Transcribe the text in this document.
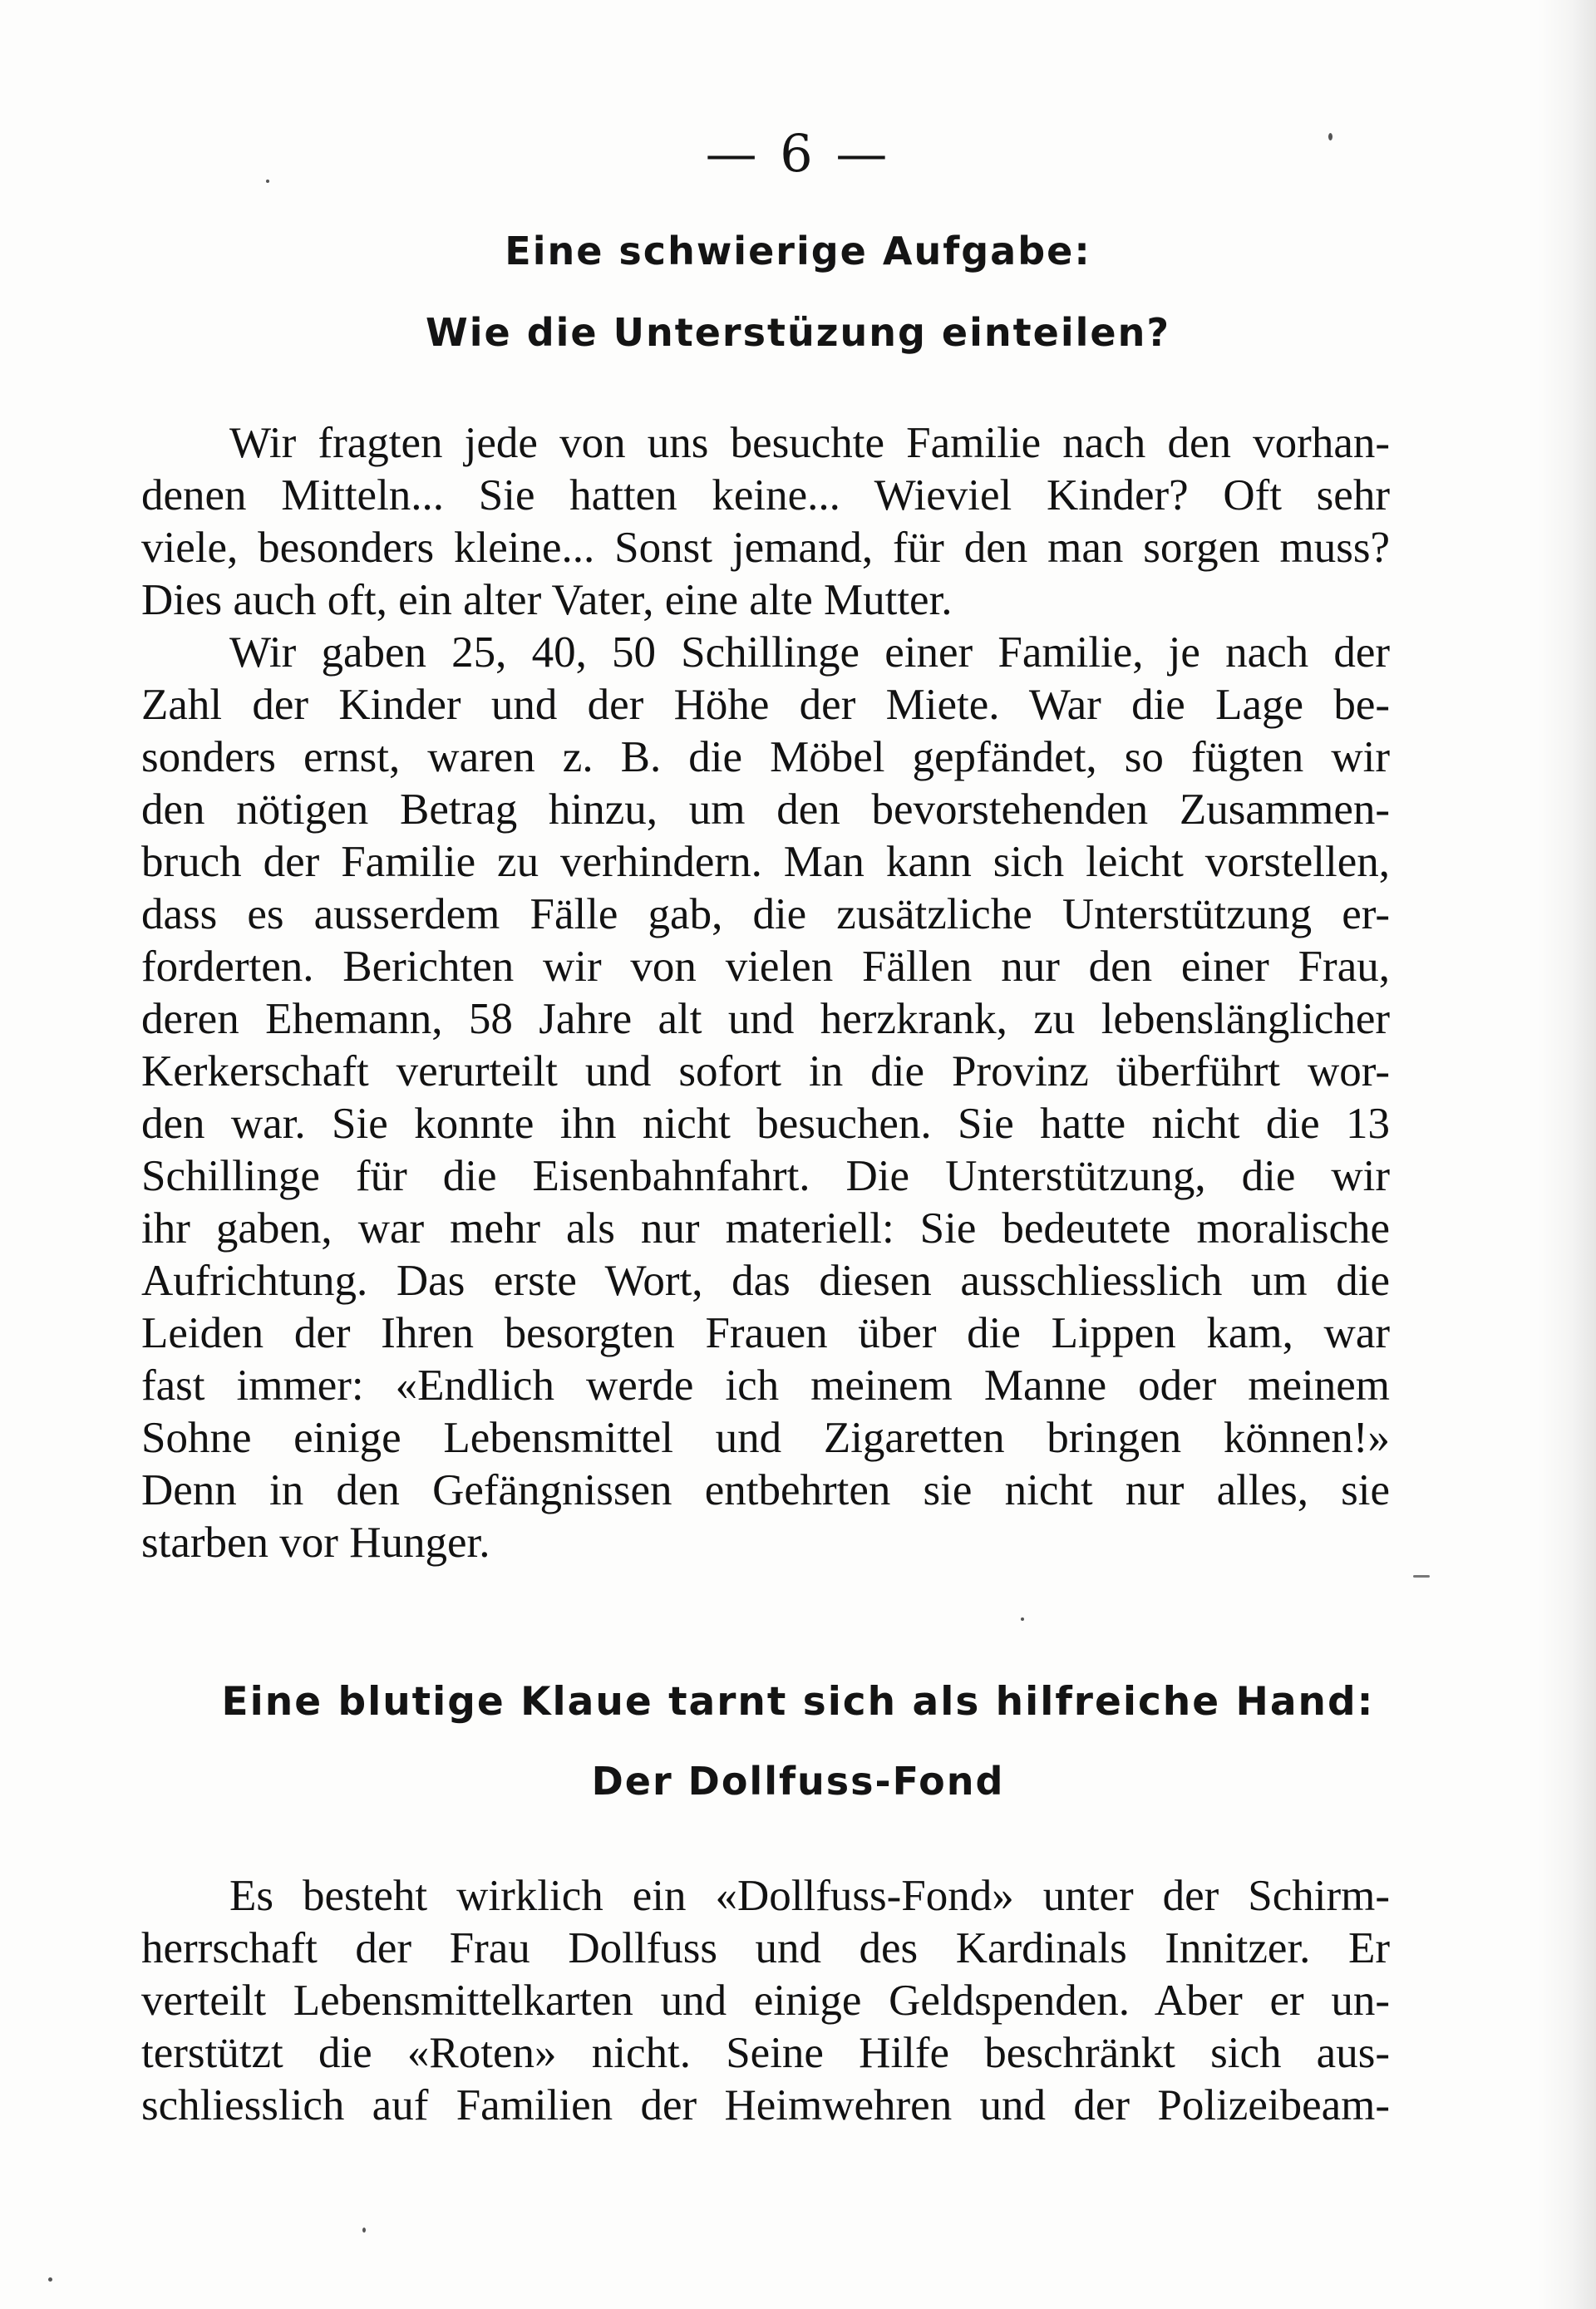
— 6 —
Eine schwierige Aufgabe:
Wie die Unterstüzung einteilen?
Wir fragten jede von uns besuchte Familie nach den vorhan-
denen Mitteln... Sie hatten keine... Wieviel Kinder? Oft sehr
viele, besonders kleine... Sonst jemand, für den man sorgen muss?
Dies auch oft, ein alter Vater, eine alte Mutter.
Wir gaben 25, 40, 50 Schillinge einer Familie, je nach der
Zahl der Kinder und der Höhe der Miete. War die Lage be-
sonders ernst, waren z. B. die Möbel gepfändet, so fügten wir
den nötigen Betrag hinzu, um den bevorstehenden Zusammen-
bruch der Familie zu verhindern. Man kann sich leicht vorstellen,
dass es ausserdem Fälle gab, die zusätzliche Unterstützung er-
forderten. Berichten wir von vielen Fällen nur den einer Frau,
deren Ehemann, 58 Jahre alt und herzkrank, zu lebenslänglicher
Kerkerschaft verurteilt und sofort in die Provinz überführt wor-
den war. Sie konnte ihn nicht besuchen. Sie hatte nicht die 13
Schillinge für die Eisenbahnfahrt. Die Unterstützung, die wir
ihr gaben, war mehr als nur materiell: Sie bedeutete moralische
Aufrichtung. Das erste Wort, das diesen ausschliesslich um die
Leiden der Ihren besorgten Frauen über die Lippen kam, war
fast immer: «Endlich werde ich meinem Manne oder meinem
Sohne einige Lebensmittel und Zigaretten bringen können!»
Denn in den Gefängnissen entbehrten sie nicht nur alles, sie
starben vor Hunger.
Eine blutige Klaue tarnt sich als hilfreiche Hand:
Der Dollfuss-Fond
Es besteht wirklich ein «Dollfuss-Fond» unter der Schirm-
herrschaft der Frau Dollfuss und des Kardinals Innitzer. Er
verteilt Lebensmittelkarten und einige Geldspenden. Aber er un-
terstützt die «Roten» nicht. Seine Hilfe beschränkt sich aus-
schliesslich auf Familien der Heimwehren und der Polizeibeam-
